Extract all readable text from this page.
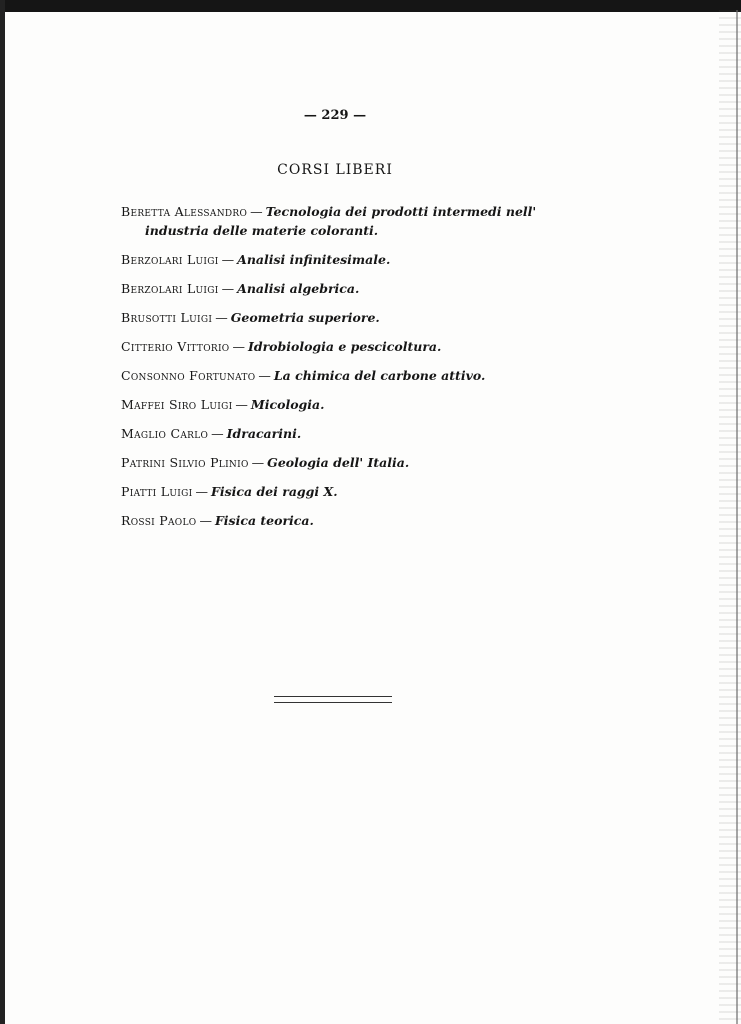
— 229 —
CORSI LIBERI
Beretta Alessandro — Tecnologia dei prodotti intermedi nell' industria delle materie coloranti.
Berzolari Luigi — Analisi infinitesimale.
Berzolari Luigi — Analisi algebrica.
Brusotti Luigi — Geometria superiore.
Citterio Vittorio — Idrobiologia e pescicoltura.
Consonno Fortunato — La chimica del carbone attivo.
Maffei Siro Luigi — Micologia.
Maglio Carlo — Idracarini.
Patrini Silvio Plinio — Geologia dell' Italia.
Piatti Luigi — Fisica dei raggi X.
Rossi Paolo — Fisica teorica.
